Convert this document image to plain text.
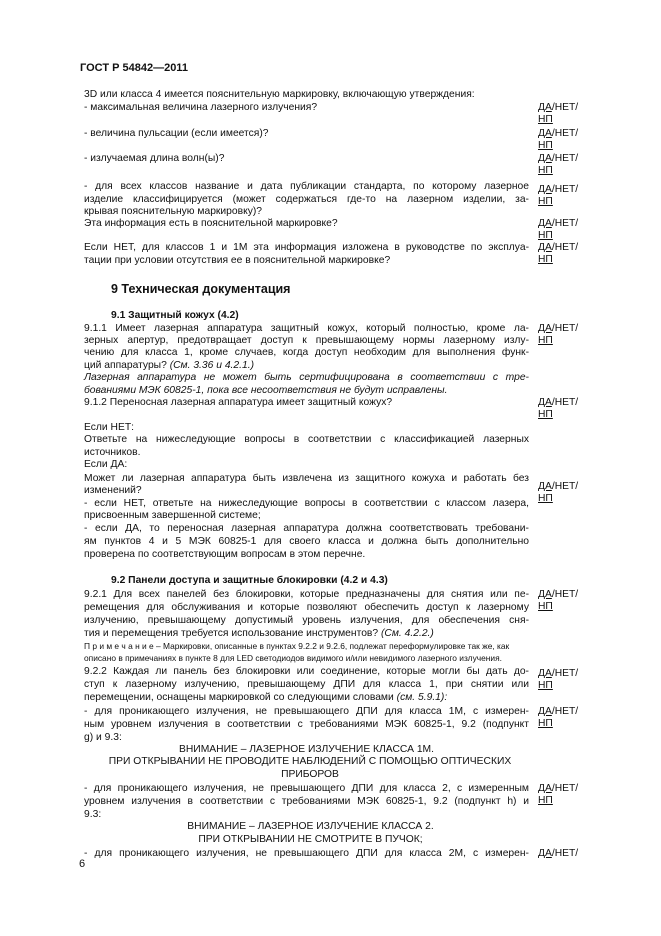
ГОСТ Р 54842—2011
3D или класса 4 имеется пояснительную маркировку, включающую утверждения:
- максимальная величина лазерного излучения?
- величина пульсации (если имеется)?
- излучаемая длина волн(ы)?
- для всех классов название и дата публикации стандарта, по которому лазерное
изделие классифицируется (может содержаться где-то на лазерном изделии, за-
крывая пояснительную маркировку)?
Эта информация есть в пояснительной маркировке?
Если НЕТ, для классов 1 и 1М эта информация изложена в руководстве по эксплуа-
тации при условии отсутствия ее в пояснительной маркировке?
9 Техническая документация
9.1 Защитный кожух (4.2)
9.1.1 Имеет лазерная аппаратура защитный кожух, который полностью, кроме ла-
зерных апертур, предотвращает доступ к превышающему нормы лазерному излу-
чению для класса 1, кроме случаев, когда доступ необходим для выполнения функ-
ций аппаратуры? (См. 3.36 и 4.2.1.)
Лазерная аппаратура не может быть сертифицирована в соответствии с тре-
бованиями МЭК 60825-1, пока все несоответствия не будут исправлены.
9.1.2 Переносная лазерная аппаратура имеет защитный кожух?
Если НЕТ:
Ответьте на нижеследующие вопросы в соответствии с классификацией лазерных
источников.
Если ДА:
Может ли лазерная аппаратура быть извлечена из защитного кожуха и работать без
изменений?
- если НЕТ, ответьте на нижеследующие вопросы в соответствии с классом лазера,
присвоенным завершенной системе;
- если ДА, то переносная лазерная аппаратура должна соответствовать требовани-
ям пунктов 4 и 5 МЭК 60825-1 для своего класса и должна быть дополнительно
проверена по соответствующим вопросам в этом перечне.
9.2 Панели доступа и защитные блокировки (4.2 и 4.3)
9.2.1 Для всех панелей без блокировки, которые предназначены для снятия или пе-
ремещения для обслуживания и которые позволяют обеспечить доступ к лазерному
излучению, превышающему допустимый уровень излучения, для обеспечения сня-
тия и перемещения требуется использование инструментов? (См. 4.2.2.)
П р и м е ч а н и е – Маркировки, описанные в пунктах 9.2.2 и 9.2.6, подлежат переформулировке так же, как
описано в примечаниях в пункте 8 для LED светодиодов видимого и/или невидимого лазерного излучения.
9.2.2 Каждая ли панель без блокировки или соединение, которые могли бы дать до-
ступ к лазерному излучению, превышающему ДПИ для класса 1, при снятии или
перемещении, оснащены маркировкой со следующими словами (см. 5.9.1):
- для проникающего излучения, не превышающего ДПИ для класса 1М, с измерен-
ным уровнем излучения в соответствии с требованиями МЭК 60825-1, 9.2 (подпункт
g) и 9.3:
ВНИМАНИЕ – ЛАЗЕРНОЕ ИЗЛУЧЕНИЕ КЛАССА 1М.
ПРИ ОТКРЫВАНИИ НЕ ПРОВОДИТЕ НАБЛЮДЕНИЙ С ПОМОЩЬЮ ОПТИЧЕСКИХ
ПРИБОРОВ
- для проникающего излучения, не превышающего ДПИ для класса 2, с измеренным
уровнем излучения в соответствии с требованиями МЭК 60825-1, 9.2 (подпункт h) и
9.3:
ВНИМАНИЕ – ЛАЗЕРНОЕ ИЗЛУЧЕНИЕ КЛАССА 2.
ПРИ ОТКРЫВАНИИ НЕ СМОТРИТЕ В ПУЧОК;
- для проникающего излучения, не превышающего ДПИ для класса 2М, с измерен-
ДА/НЕТ/
НП
ДА/НЕТ/
НП
ДА/НЕТ/
НП
ДА/НЕТ/
НП
ДА/НЕТ/
НП
ДА/НЕТ/
НП
ДА/НЕТ/
НП
ДА/НЕТ/
НП
ДА/НЕТ/
НП
ДА/НЕТ/
НП
ДА/НЕТ/
НП
ДА/НЕТ/
НП
ДА/НЕТ/
НП
ДА/НЕТ/
6
